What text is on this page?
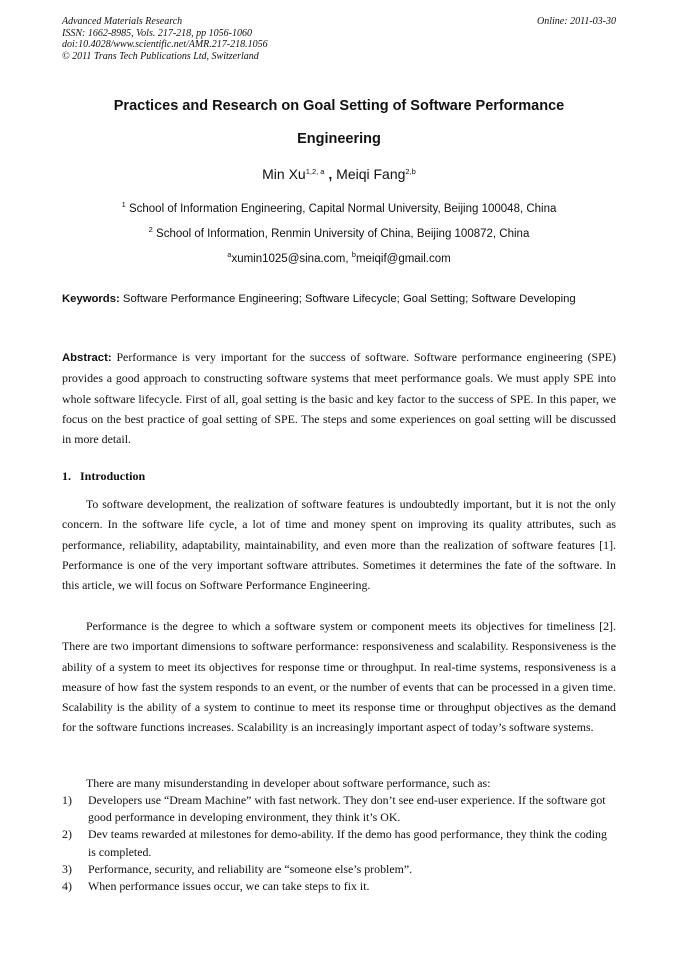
Advanced Materials Research
ISSN: 1662-8985, Vols. 217-218, pp 1056-1060
doi:10.4028/www.scientific.net/AMR.217-218.1056
© 2011 Trans Tech Publications Ltd, Switzerland
Online: 2011-03-30
Practices and Research on Goal Setting of Software Performance
Engineering
Min Xu$^{1,2, a}$ , Meiqi Fang$^{2,b}$
$^1$ School of Information Engineering, Capital Normal University, Beijing 100048, China
$^2$ School of Information, Renmin University of China, Beijing 100872, China
$^a$xumin1025@sina.com, $^b$meiqif@gmail.com
Keywords: Software Performance Engineering; Software Lifecycle; Goal Setting; Software Developing
Abstract: Performance is very important for the success of software. Software performance engineering (SPE) provides a good approach to constructing software systems that meet performance goals. We must apply SPE into whole software lifecycle. First of all, goal setting is the basic and key factor to the success of SPE. In this paper, we focus on the best practice of goal setting of SPE. The steps and some experiences on goal setting will be discussed in more detail.
1. Introduction

To software development, the realization of software features is undoubtedly important, but it is not the only concern. In the software life cycle, a lot of time and money spent on improving its quality attributes, such as performance, reliability, adaptability, maintainability, and even more than the realization of software features [1]. Performance is one of the very important software attributes. Sometimes it determines the fate of the software. In this article, we will focus on Software Performance Engineering.

Performance is the degree to which a software system or component meets its objectives for timeliness [2]. There are two important dimensions to software performance: responsiveness and scalability. Responsiveness is the ability of a system to meet its objectives for response time or throughput. In real-time systems, responsiveness is a measure of how fast the system responds to an event, or the number of events that can be processed in a given time. Scalability is the ability of a system to continue to meet its response time or throughput objectives as the demand for the software functions increases. Scalability is an increasingly important aspect of today’s software systems.

There are many misunderstanding in developer about software performance, such as:
1) Developers use “Dream Machine” with fast network. They don’t see end-user experience. If the software got good performance in developing environment, they think it’s OK.
2) Dev teams rewarded at milestones for demo-ability. If the demo has good performance, they think the coding is completed.
3) Performance, security, and reliability are “someone else’s problem”.
4) When performance issues occur, we can take steps to fix it.
